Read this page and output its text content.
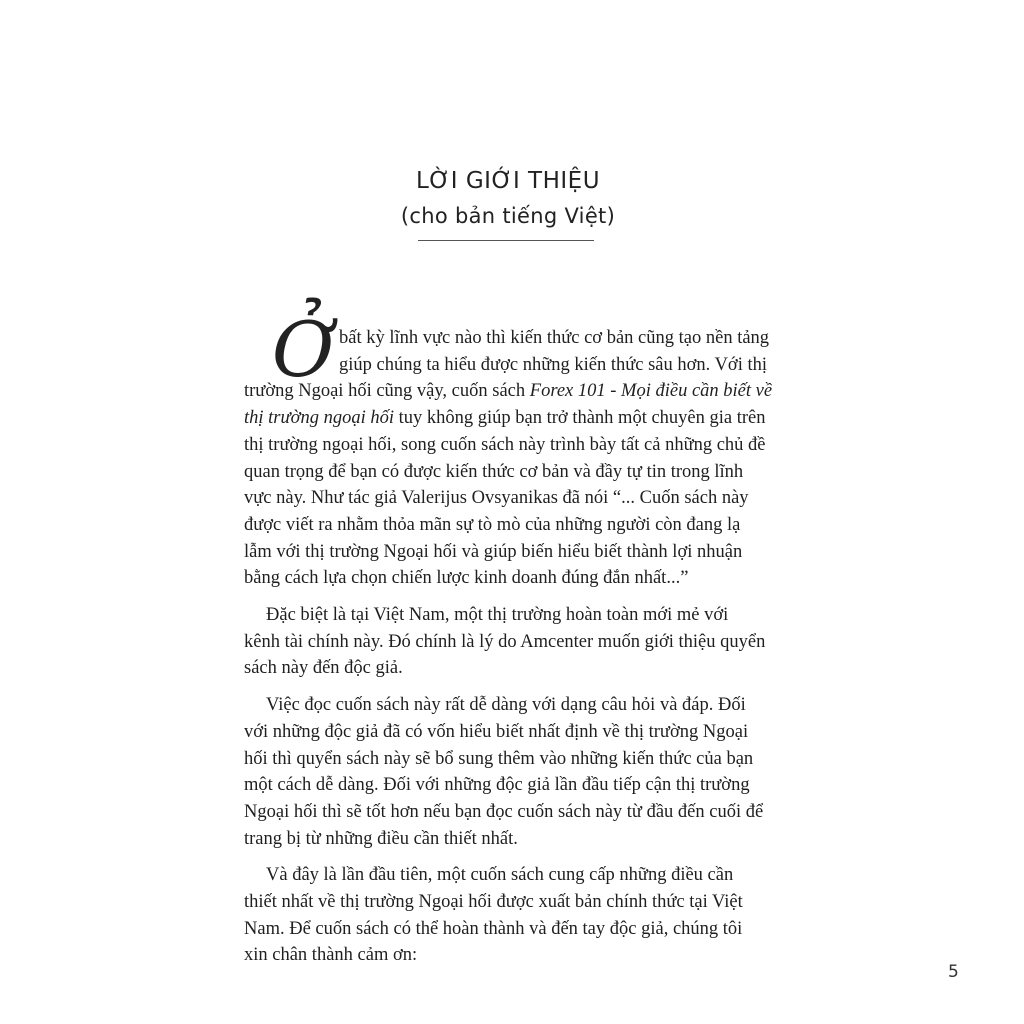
LỜI GIỚI THIỆU
(cho bản tiếng Việt)
Ở bất kỳ lĩnh vực nào thì kiến thức cơ bản cũng tạo nền tảng
giúp chúng ta hiểu được những kiến thức sâu hơn. Với thị
trường Ngoại hối cũng vậy, cuốn sách Forex 101 - Mọi điều cần biết về
thị trường ngoại hối tuy không giúp bạn trở thành một chuyên gia trên
thị trường ngoại hối, song cuốn sách này trình bày tất cả những chủ đề
quan trọng để bạn có được kiến thức cơ bản và đầy tự tin trong lĩnh
vực này. Như tác giả Valerijus Ovsyanikas đã nói “... Cuốn sách này
được viết ra nhằm thỏa mãn sự tò mò của những người còn đang lạ
lẫm với thị trường Ngoại hối và giúp biến hiểu biết thành lợi nhuận
bằng cách lựa chọn chiến lược kinh doanh đúng đắn nhất...”
Đặc biệt là tại Việt Nam, một thị trường hoàn toàn mới mẻ với
kênh tài chính này. Đó chính là lý do Amcenter muốn giới thiệu quyển
sách này đến độc giả.
Việc đọc cuốn sách này rất dễ dàng với dạng câu hỏi và đáp. Đối
với những độc giả đã có vốn hiểu biết nhất định về thị trường Ngoại
hối thì quyển sách này sẽ bổ sung thêm vào những kiến thức của bạn
một cách dễ dàng. Đối với những độc giả lần đầu tiếp cận thị trường
Ngoại hối thì sẽ tốt hơn nếu bạn đọc cuốn sách này từ đầu đến cuối để
trang bị từ những điều cần thiết nhất.
Và đây là lần đầu tiên, một cuốn sách cung cấp những điều cần
thiết nhất về thị trường Ngoại hối được xuất bản chính thức tại Việt
Nam. Để cuốn sách có thể hoàn thành và đến tay độc giả, chúng tôi
xin chân thành cảm ơn:
5
